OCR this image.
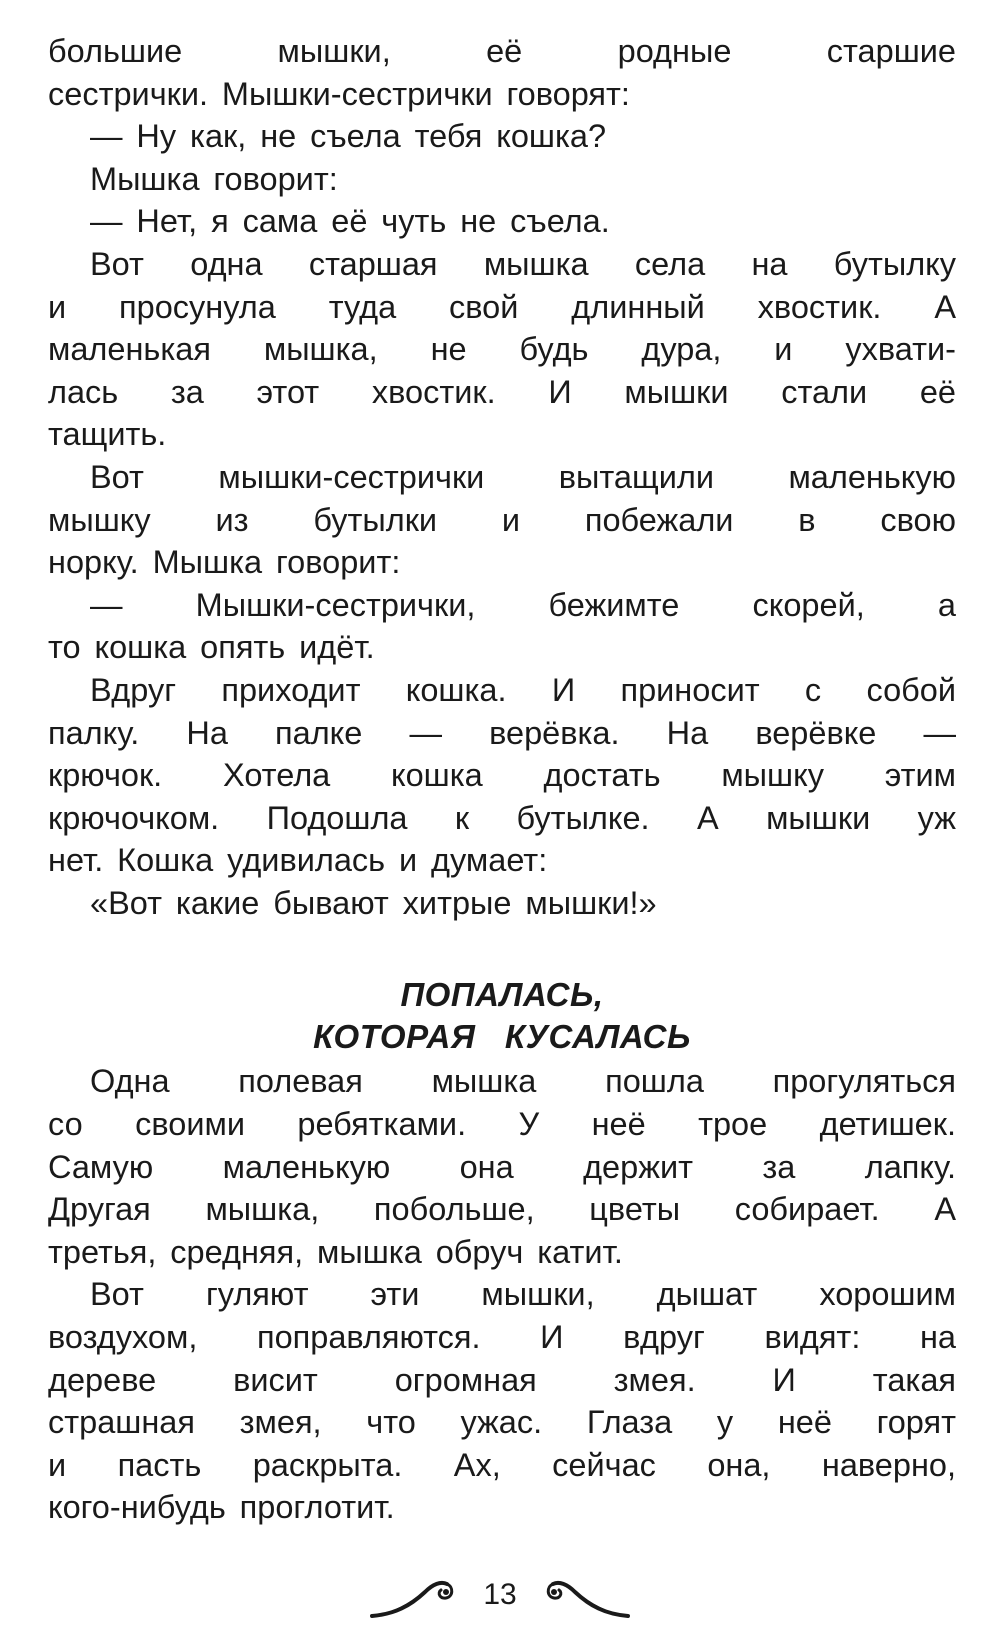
большие мышки, её родные старшие
сестрички. Мышки-сестрички говорят:
— Ну как, не съела тебя кошка?
Мышка говорит:
— Нет, я сама её чуть не съела.
Вот одна старшая мышка села на бутылку
и просунула туда свой длинный хвостик. А
маленькая мышка, не будь дура, и ухвати-
лась за этот хвостик. И мышки стали её
тащить.
Вот мышки-сестрички вытащили маленькую
мышку из бутылки и побежали в свою
норку. Мышка говорит:
— Мышки-сестрички, бежимте скорей, а
то кошка опять идёт.
Вдруг приходит кошка. И приносит с собой
палку. На палке — верёвка. На верёвке —
крючок. Хотела кошка достать мышку этим
крючочком. Подошла к бутылке. А мышки уж
нет. Кошка удивилась и думает:
«Вот какие бывают хитрые мышки!»
ПОПАЛАСЬ,
КОТОРАЯ КУСАЛАСЬ
Одна полевая мышка пошла прогуляться
со своими ребятками. У неё трое детишек.
Самую маленькую она держит за лапку.
Другая мышка, побольше, цветы собирает. А
третья, средняя, мышка обруч катит.
Вот гуляют эти мышки, дышат хорошим
воздухом, поправляются. И вдруг видят: на
дереве висит огромная змея. И такая
страшная змея, что ужас. Глаза у неё горят
и пасть раскрыта. Ах, сейчас она, наверно,
кого-нибудь проглотит.
13
